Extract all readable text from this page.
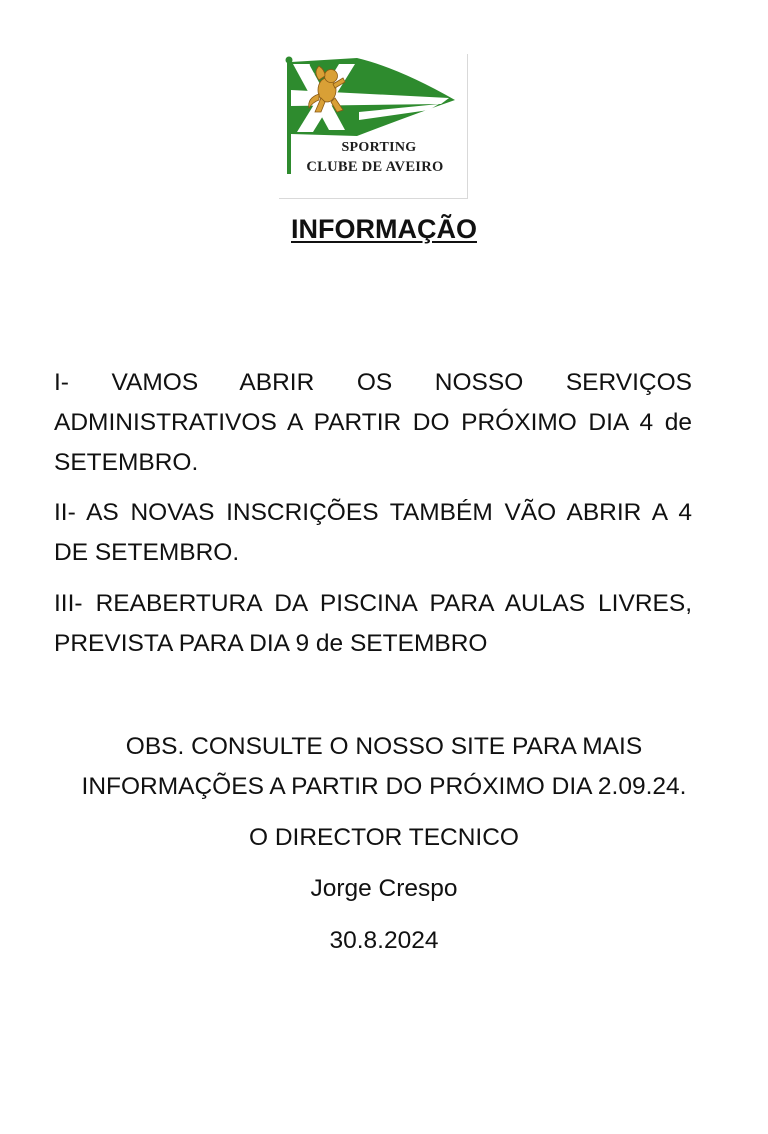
SPORTING
CLUBE DE AVEIRO
INFORMAÇÃO
I- VAMOS ABRIR OS NOSSO SERVIÇOS ADMINISTRATIVOS A PARTIR DO PRÓXIMO DIA 4 de SETEMBRO.
II- AS NOVAS INSCRIÇÕES TAMBÉM VÃO ABRIR A 4 DE SETEMBRO.
III- REABERTURA DA PISCINA PARA AULAS LIVRES, PREVISTA PARA DIA 9 de SETEMBRO
OBS. CONSULTE O NOSSO SITE PARA MAIS INFORMAÇÕES A PARTIR DO PRÓXIMO DIA 2.09.24.
O DIRECTOR TECNICO
Jorge Crespo
30.8.2024
